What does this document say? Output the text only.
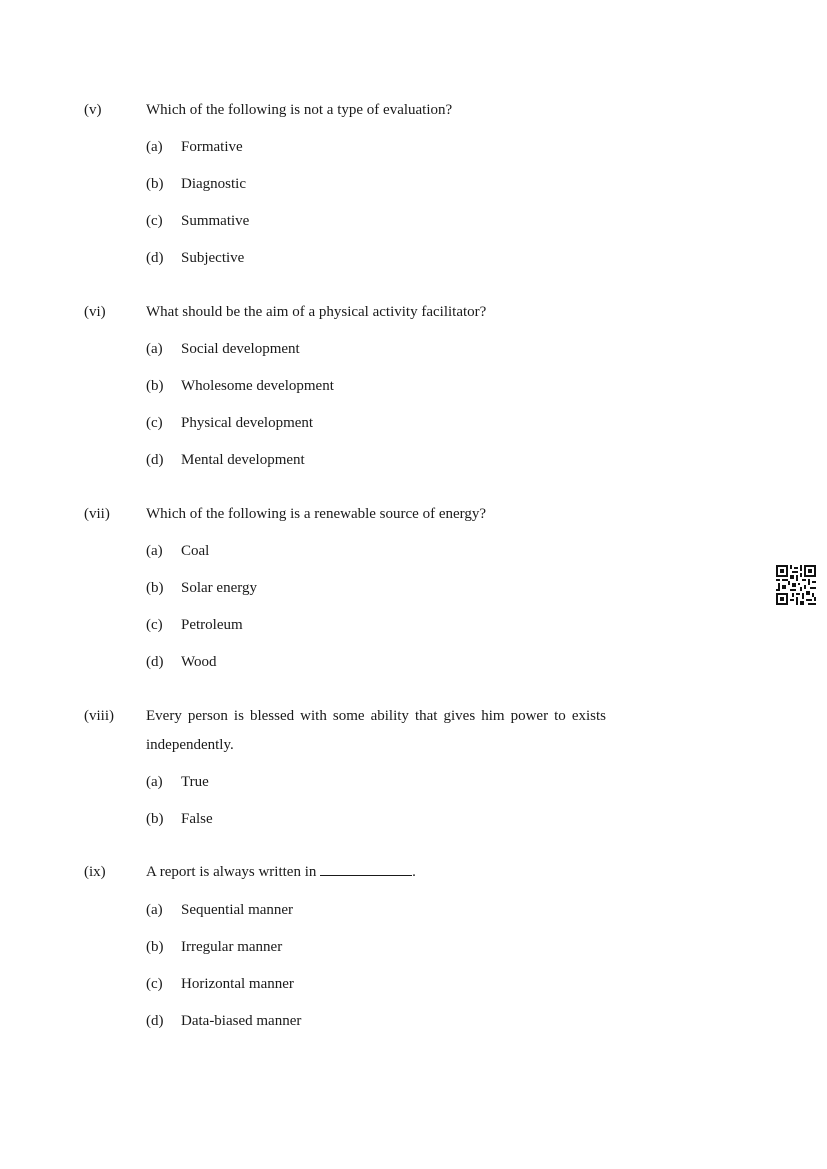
(v)	Which of the following is not a type of evaluation?
(a) Formative
(b) Diagnostic
(c) Summative
(d) Subjective
(vi)	What should be the aim of a physical activity facilitator?
(a) Social development
(b) Wholesome development
(c) Physical development
(d) Mental development
(vii) Which of the following is a renewable source of energy?
(a) Coal
(b) Solar energy
(c) Petroleum
(d) Wood
(viii) Every person is blessed with some ability that gives him power to exists independently.
(a) True
(b) False
(ix)	A report is always written in	.
(a) Sequential manner
(b) Irregular manner
(c) Horizontal manner
(d) Data-biased manner
